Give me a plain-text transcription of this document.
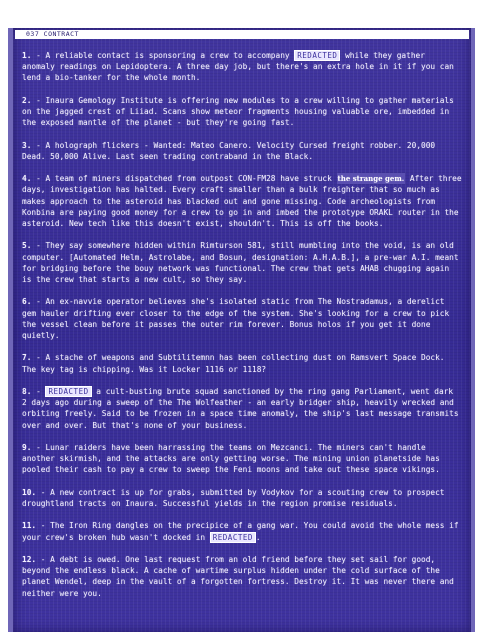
037 CONTRACT
1. - A reliable contact is sponsoring a crew to accompany REDACTED while they gather anomaly readings on Lepidoptera. A three day job, but there's an extra hole in it if you can lend a bio-tanker for the whole month.
2. - Inaura Gemology Institute is offering new modules to a crew willing to gather materials on the jagged crest of Liiad. Scans show meteor fragments housing valuable ore, imbedded in the exposed mantle of the planet - but they're going fast.
3. - A holograph flickers - Wanted: Mateo Canero. Velocity Cursed freight robber. 20,000 Dead. 50,000 Alive. Last seen trading contraband in the Black.
4. - A team of miners dispatched from outpost CON-FM28 have struck the strange gem. After three days, investigation has halted. Every craft smaller than a bulk freighter that so much as makes approach to the asteroid has blacked out and gone missing. Code archeologists from Konbina are paying good money for a crew to go in and imbed the prototype ORAKL router in the asteroid. New tech like this doesn't exist, shouldn't. This is off the books.
5. - They say somewhere hidden within Rimturson 581, still mumbling into the void, is an old computer. [Automated Helm, Astrolabe, and Bosun, designation: A.H.A.B.], a pre-war A.I. meant for bridging before the bouy network was functional. The crew that gets AHAB chugging again is the crew that starts a new cult, so they say.
6. - An ex-navvie operator believes she's isolated static from The Nostradamus, a derelict gem hauler drifting ever closer to the edge of the system. She's looking for a crew to pick the vessel clean before it passes the outer rim forever. Bonus holos if you get it done quietly.
7. - A stache of weapons and Subtilitemnn has been collecting dust on Ramsvert Space Dock. The key tag is chipping. Was it Locker 1116 or 1118?
8. - REDACTED a cult-busting brute squad sanctioned by the ring gang Parliament, went dark 2 days ago during a sweep of the The Wolfeather - an early bridger ship, heavily wrecked and orbiting freely. Said to be frozen in a space time anomaly, the ship's last message transmits over and over. But that's none of your business.
9. - Lunar raiders have been harrassing the teams on Mezcanci. The miners can't handle another skirmish, and the attacks are only getting worse. The mining union planetside has pooled their cash to pay a crew to sweep the Feni moons and take out these space vikings.
10. - A new contract is up for grabs, submitted by Vodykov for a scouting crew to prospect droughtland tracts on Inaura. Successful yields in the region promise residuals.
11. - The Iron Ring dangles on the precipice of a gang war. You could avoid the whole mess if your crew's broken hub wasn't docked in REDACTED .
12. - A debt is owed. One last request from an old friend before they set sail for good, beyond the endless black. A cache of wartime surplus hidden under the cold surface of the planet Wendel, deep in the vault of a forgotten fortress. Destroy it. It was never there and neither were you.
